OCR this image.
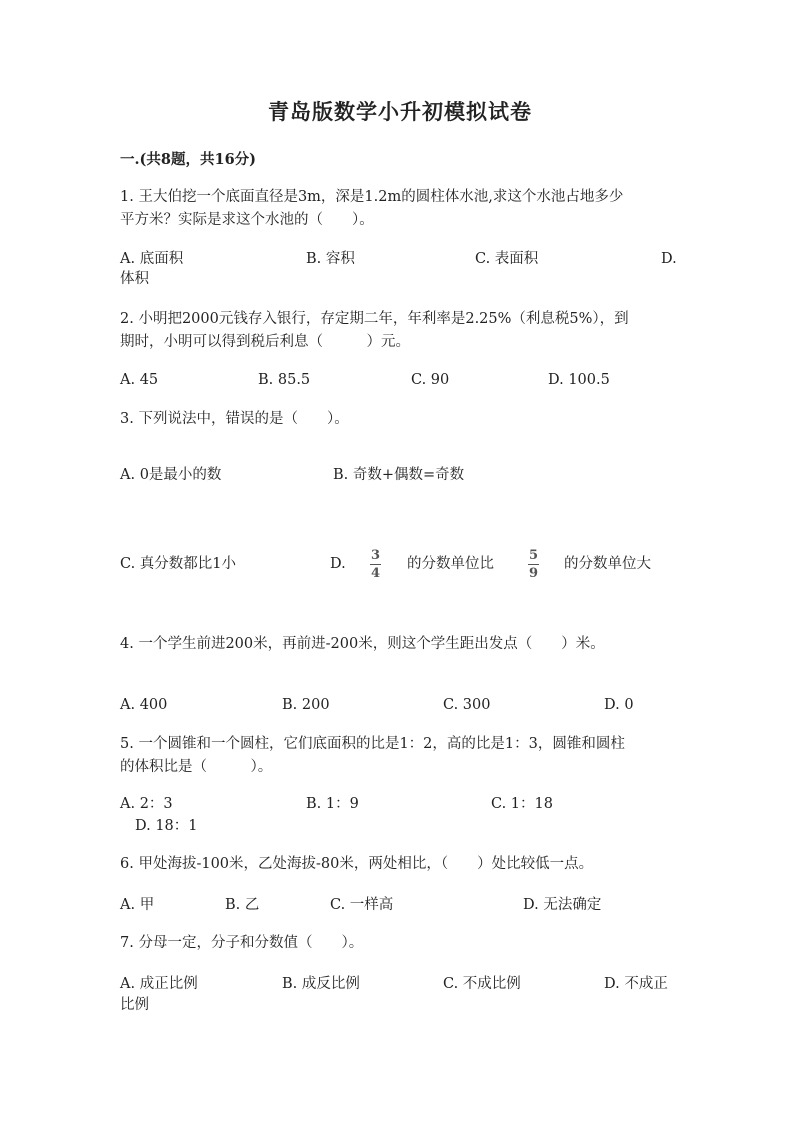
青岛版数学小升初模拟试卷
一.(共8题，共16分)
1. 王大伯挖一个底面直径是3m，深是1.2m的圆柱体水池,求这个水池占地多少
平方米？实际是求这个水池的（　　）。
A. 底面积	B. 容积	C. 表面积	D.
体积
2. 小明把2000元钱存入银行，存定期二年，年利率是2.25%（利息税5%），到
期时，小明可以得到税后利息（　　　）元。
A. 45	B. 85.5	C. 90	D. 100.5
3. 下列说法中，错误的是（　　）。
A. 0是最小的数	B. 奇数+偶数=奇数
C. 真分数都比1小	D.
3
4
的分数单位比
5
9
的分数单位大
4. 一个学生前进200米，再前进-200米，则这个学生距出发点（　　）米。
A. 400	B. 200	C. 300	D. 0
5. 一个圆锥和一个圆柱，它们底面积的比是1：2，高的比是1：3，圆锥和圆柱
的体积比是（　　　）。
A. 2：3	B. 1：9	C. 1：18
D. 18：1
6. 甲处海拔-100米，乙处海拔-80米，两处相比，（　　）处比较低一点。
A. 甲	B. 乙	C. 一样高	D. 无法确定
7. 分母一定，分子和分数值（　　）。
A. 成正比例	B. 成反比例	C. 不成比例	D. 不成正
比例
